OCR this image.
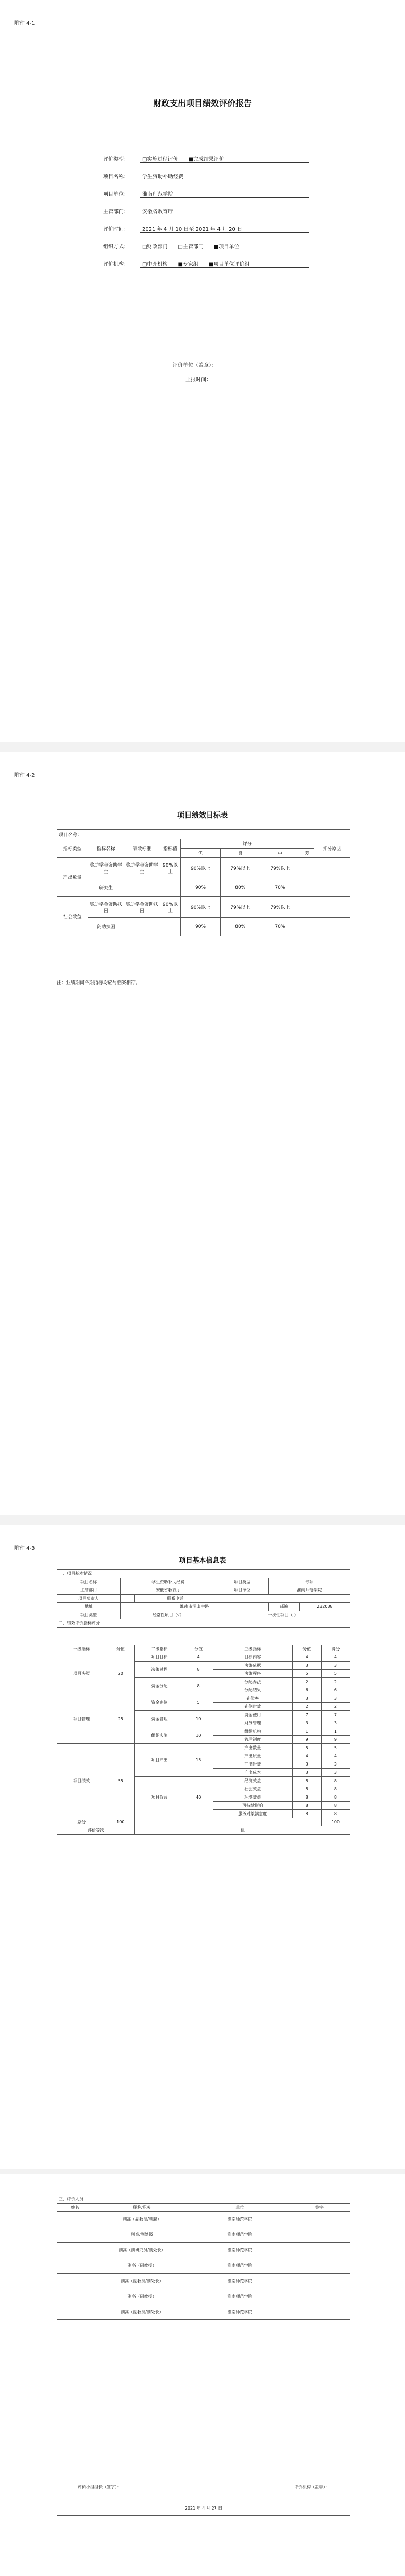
附件 4-1
财政支出项目绩效评价报告
评价类型：	□实施过程评价　　■完成结果评价
项目名称：	学生资助补助经费
项目单位：	淮南师范学院
主管部门：	安徽省教育厅
评价时间：	2021 年 4 月 10 日至 2021 年 4 月 20 日
组织方式：	□财政部门　　□主管部门　　■项目单位
评价机构：	□中介机构　　■专家组　　■项目单位评价组
评价单位（盖章）：
上报时间：
附件 4-2
项目绩效目标表
项目名称：								
指标类型	指标名称	绩效标准	指标值	评分				扣分原因
				优	良	中	差	
产出数量	奖助学金资助学生	奖助学金资助学生	90%以上	90%以上	79%以上	79%以上		
	研究生			90%	80%	70%		
社会效益	奖助学金资助扶困	奖助学金资助扶困	90%以上	90%以上	79%以上	79%以上		
	资助扶困			90%	80%	70%		
注：业绩期间各期指标均应与档案相符。
附件 4-3
项目基本信息表
一、项目基本情况					
项目名称	学生资助补助经费		项目类型	专项	
主管部门	安徽省教育厅		项目单位	淮南师范学院	
项目负责人		联系电话			
地址	淮南市洞山中路			邮编	232038
项目类型	经常性项目（√）		一次性项目（ ）		
二、绩效评价指标评分					
一级指标	分值	二级指标	分值	三级指标	分值	得分
项目决策	20	项目目标	4	目标内容	4	4
		决策过程	8	决策依据	3	3
				决策程序	5	5
		资金分配	8	分配办法	2	2
				分配结果	6	6
项目管理	25	资金到位	5	到位率	3	3
				到位时效	2	2
		资金管理	10	资金使用	7	7
				财务管理	3	3
		组织实施	10	组织机构	1	1
				管理制度	9	9
项目绩效	55	项目产出	15	产出数量	5	5
				产出质量	4	4
				产出时效	3	3
				产出成本	3	3
		项目效益	40	经济效益	8	8
				社会效益	8	8
				环境效益	8	8
				可持续影响	8	8
				服务对象满意度	8	8
总分	100					100
评价等次		优				
三、评价人员			
姓名	职称/职务	单位	签字
	副高（副教授/副职）	淮南师范学院	
	副高/副处级	淮南师范学院	
	副高（副研究员/副处长）	淮南师范学院	
	副高（副教授）	淮南师范学院	
	副高（副教授/副处长）	淮南师范学院	
	副高（副教授）	淮南师范学院	
	副高（副教授/副处长）	淮南师范学院	

评价小组组长（签字）： 评价机构（盖章）：
2021 年 4 月 27 日			
